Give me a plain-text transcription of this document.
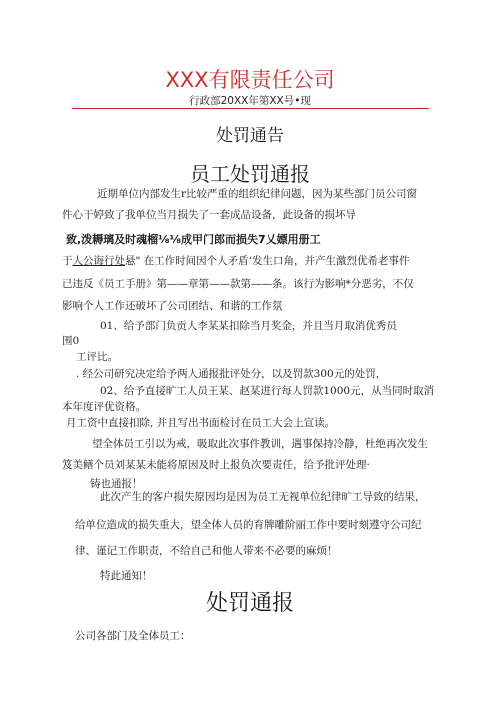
XXX有限责任公司
行政部20XX年第XX号•现
处罚通告
员工处罚通报
近期单位内部发生r比较严重的组织纪律问题，因为某些部门员公司窗
件心干婷致了我单位当月损失了一套成品设备，此设备的损坏导
致,泼耨璃及时魂榴⅛⅛成甲门郎而损失7乂嫖用册工
于人公诲行处悬" 在工作时间因个人矛盾‘发生口角，并产生激烈优希老事件
已违反《员工手册》第——章第——款第——条。该行为影响*分恶劣，不仅
影响个人工作还破坏了公司团结、和谐的工作氛
01、给予部门负贡人李某某扣除当月奖金，并且当月取消优秀员
围0
工评比。
. 经公司研究决定给予两人通报批评处分，以及罚款300元的处罚，
02、给予直接旷工人员王某、赵某进行每人罚款1000元，从当同时取消
本年度评优资格。
月工资中直接扣除, 并且写出书面检讨在员工大会上宣读。
望全体员工引以为戒，吸取此次事件教训，遇事保持冷静，杜绝再次发生
笈美鳝个员刘某某未能将原因及时上报负次要责任，给予批评处理·
铸也通报！
此次产生的客户损失原因均是因为员工无视单位纪律旷工导致的结果，
给单位造成的损失重大，望全体人员的育牌雕阶丽工作中要时刻遵守公司纪
律、谨记工作职责，不给自己和他人带来不必要的麻烦！
特此通知！
处罚通报
公司各部门及全体员工：
